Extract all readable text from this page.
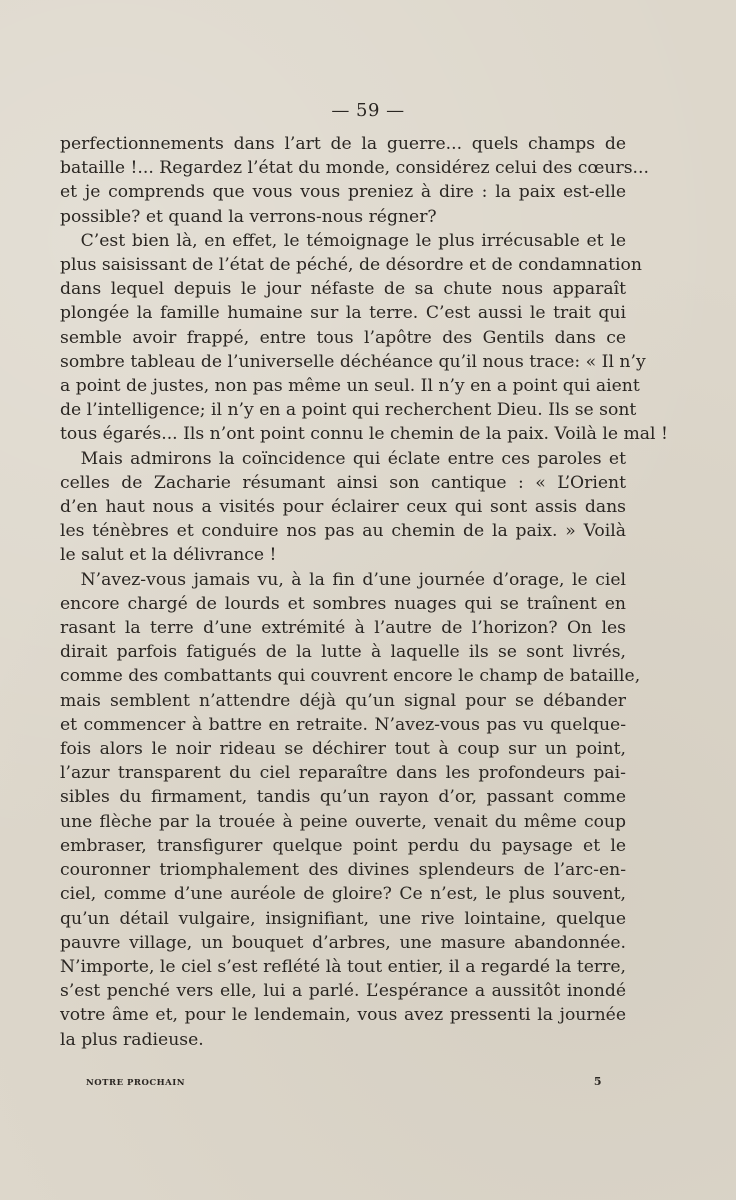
— 59 —
perfectionnements dans l’art de la guerre... quels champs de
bataille !... Regardez l’état du monde, considérez celui des cœurs...
et je comprends que vous vous preniez à dire : la paix est-elle
possible? et quand la verrons-nous régner?
C’est bien là, en effet, le témoignage le plus irrécusable et le
plus saisissant de l’état de péché, de désordre et de condamnation
dans lequel depuis le jour néfaste de sa chute nous apparaît
plongée la famille humaine sur la terre. C’est aussi le trait qui
semble avoir frappé, entre tous l’apôtre des Gentils dans ce
sombre tableau de l’universelle déchéance qu’il nous trace: « Il n’y
a point de justes, non pas même un seul. Il n’y en a point qui aient
de l’intelligence; il n’y en a point qui recherchent Dieu. Ils se sont
tous égarés... Ils n’ont point connu le chemin de la paix. Voilà le mal !
Mais admirons la coïncidence qui éclate entre ces paroles et
celles de Zacharie résumant ainsi son cantique : « L’Orient
d’en haut nous a visités pour éclairer ceux qui sont assis dans
les ténèbres et conduire nos pas au chemin de la paix. » Voilà
le salut et la délivrance !
N’avez-vous jamais vu, à la fin d’une journée d’orage, le ciel
encore chargé de lourds et sombres nuages qui se traînent en
rasant la terre d’une extrémité à l’autre de l’horizon? On les
dirait parfois fatigués de la lutte à laquelle ils se sont livrés,
comme des combattants qui couvrent encore le champ de bataille,
mais semblent n’attendre déjà qu’un signal pour se débander
et commencer à battre en retraite. N’avez-vous pas vu quelque-
fois alors le noir rideau se déchirer tout à coup sur un point,
l’azur transparent du ciel reparaître dans les profondeurs pai-
sibles du firmament, tandis qu’un rayon d’or, passant comme
une flèche par la trouée à peine ouverte, venait du même coup
embraser, transfigurer quelque point perdu du paysage et le
couronner triomphalement des divines splendeurs de l’arc-en-
ciel, comme d’une auréole de gloire? Ce n’est, le plus souvent,
qu’un détail vulgaire, insignifiant, une rive lointaine, quelque
pauvre village, un bouquet d’arbres, une masure abandonnée.
N’importe, le ciel s’est reflété là tout entier, il a regardé la terre,
s’est penché vers elle, lui a parlé. L’espérance a aussitôt inondé
votre âme et, pour le lendemain, vous avez pressenti la journée
la plus radieuse.
NOTRE PROCHAIN	5
